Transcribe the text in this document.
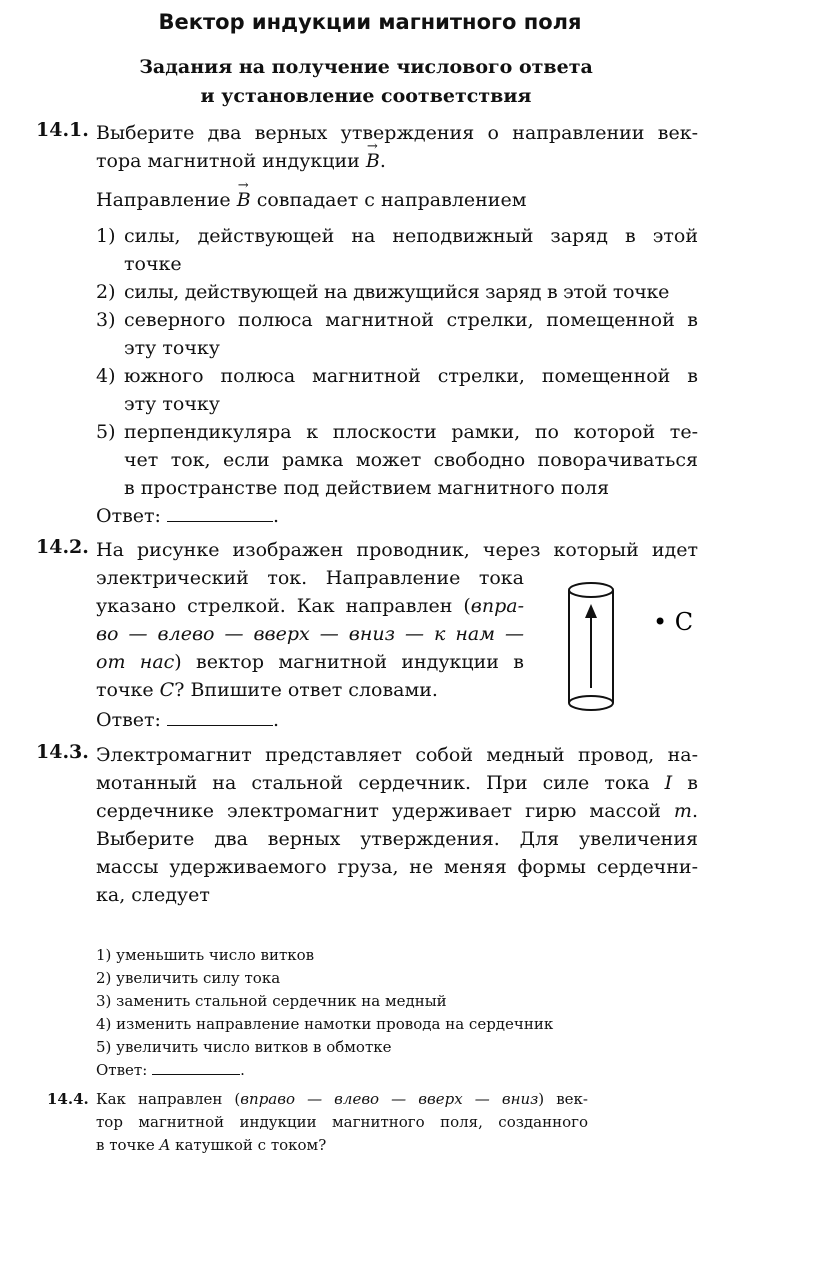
Вектор индукции магнитного поля
Задания на получение числового ответа
и установление соответствия
14.1. Выберите два верных утверждения о направлении век-
тора магнитной индукции → B.
Направление → B совпадает с направлением
1) силы, действующей на неподвижный заряд в этой
точке
2) силы, действующей на движущийся заряд в этой точке
3) северного полюса магнитной стрелки, помещенной в
эту точку
4) южного полюса магнитной стрелки, помещенной в
эту точку
5) перпендикуляра к плоскости рамки, по которой те-
чет ток, если рамка может свободно поворачиваться
в пространстве под действием магнитного поля
Ответ:	.
14.2. На рисунке изображен проводник, через который идет
электрический ток. Направление тока
указано стрелкой. Как направлен (впра-
во — влево — вверх — вниз — к нам —
от нас) вектор магнитной индукции в
точке C? Впишите ответ словами.
• C
Ответ:	.
14.3. Электромагнит представляет собой медный провод, на-
мотанный на стальной сердечник. При силе тока I в
сердечнике электромагнит удерживает гирю массой m.
Выберите два верных утверждения. Для увеличения
массы удерживаемого груза, не меняя формы сердечни-
ка, следует
1) уменьшить число витков
2) увеличить силу тока
3) заменить стальной сердечник на медный
4) изменить направление намотки провода на сердечник
5) увеличить число витков в обмотке
Ответ:	.
14.4. Как направлен (вправо — влево — вверх — вниз) век-
тор магнитной индукции магнитного поля, созданного
в точке A катушкой с током?
